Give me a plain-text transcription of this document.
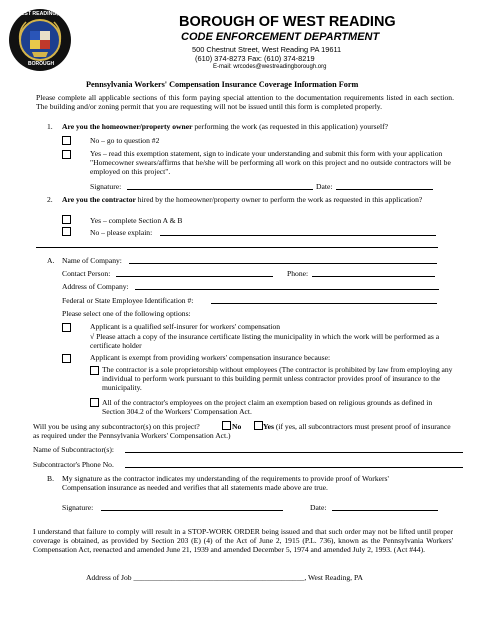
WEST READING, PA
BOROUGH
BOROUGH OF WEST READING
CODE ENFORCEMENT DEPARTMENT
500 Chestnut Street, West Reading PA 19611
(610) 374-8273 Fax: (610) 374-8219
E-mail: wrcodes@westreadingborough.org
Pennsylvania Workers' Compensation Insurance Coverage Information Form
Please complete all applicable sections of this form paying special attention to the documentation requirements listed in each section. The building and/or zoning permit that you are requesting will not be issued until this form is completed properly.
1. Are you the homeowner/property owner performing the work (as requested in this application) yourself?
No – go to question #2
Yes – read this exemption statement, sign to indicate your understanding and submit this form with your application "Homecowner swears/affirms that he/she will be performing all work on this project and no outside contractors will be employed on this project".
Signature:	Date:
2. Are you the contractor hired by the homeowner/property owner to perform the work as requested in this application?
Yes – complete Section A & B
No – please explain:
A. Name of Company:
Contact Person:	Phone:
Address of Company:
Federal or State Employee Identification #:
Please select one of the following options:
Applicant is a qualified self-insurer for workers' compensation
√ Please attach a copy of the insurance certificate listing the municipality in which the work will be performed as a certificate holder
Applicant is exempt from providing workers' compensation insurance because:
The contractor is a sole proprietorship without employees (The contractor is prohibited by law from employing any individual to perform work pursuant to this building permit unless contractor provides proof of insurance to the municipality.
All of the contractor's employees on the project claim an exemption based on religious grounds as defined in Section 304.2 of the Workers' Compensation Act.
Will you be using any subcontractor(s) on this project?	No	Yes (if yes, all subcontractors must present proof of insurance as required under the Pennsylvania Workers' Compensation Act.)
Name of Subcontractor(s):
Subcontractor's Phone No.
B. My signature as the contractor indicates my understanding of the requirements to provide proof of Workers' Compensation insurance as needed and verifies that all statements made above are true.
Signature:	Date:
I understand that failure to comply will result in a STOP-WORK ORDER being issued and that such order may not be lifted until proper coverage is obtained, as provided by Section 203 (E) (4) of the Act of June 2, 1915 (P.L. 736), known as the Pennsylvania Workers' Compensation Act, reenacted and amended June 21, 1939 and amended December 5, 1974 and amended July 2, 1993. (Act #44).
Address of Job _____________________________________________, West Reading, PA
